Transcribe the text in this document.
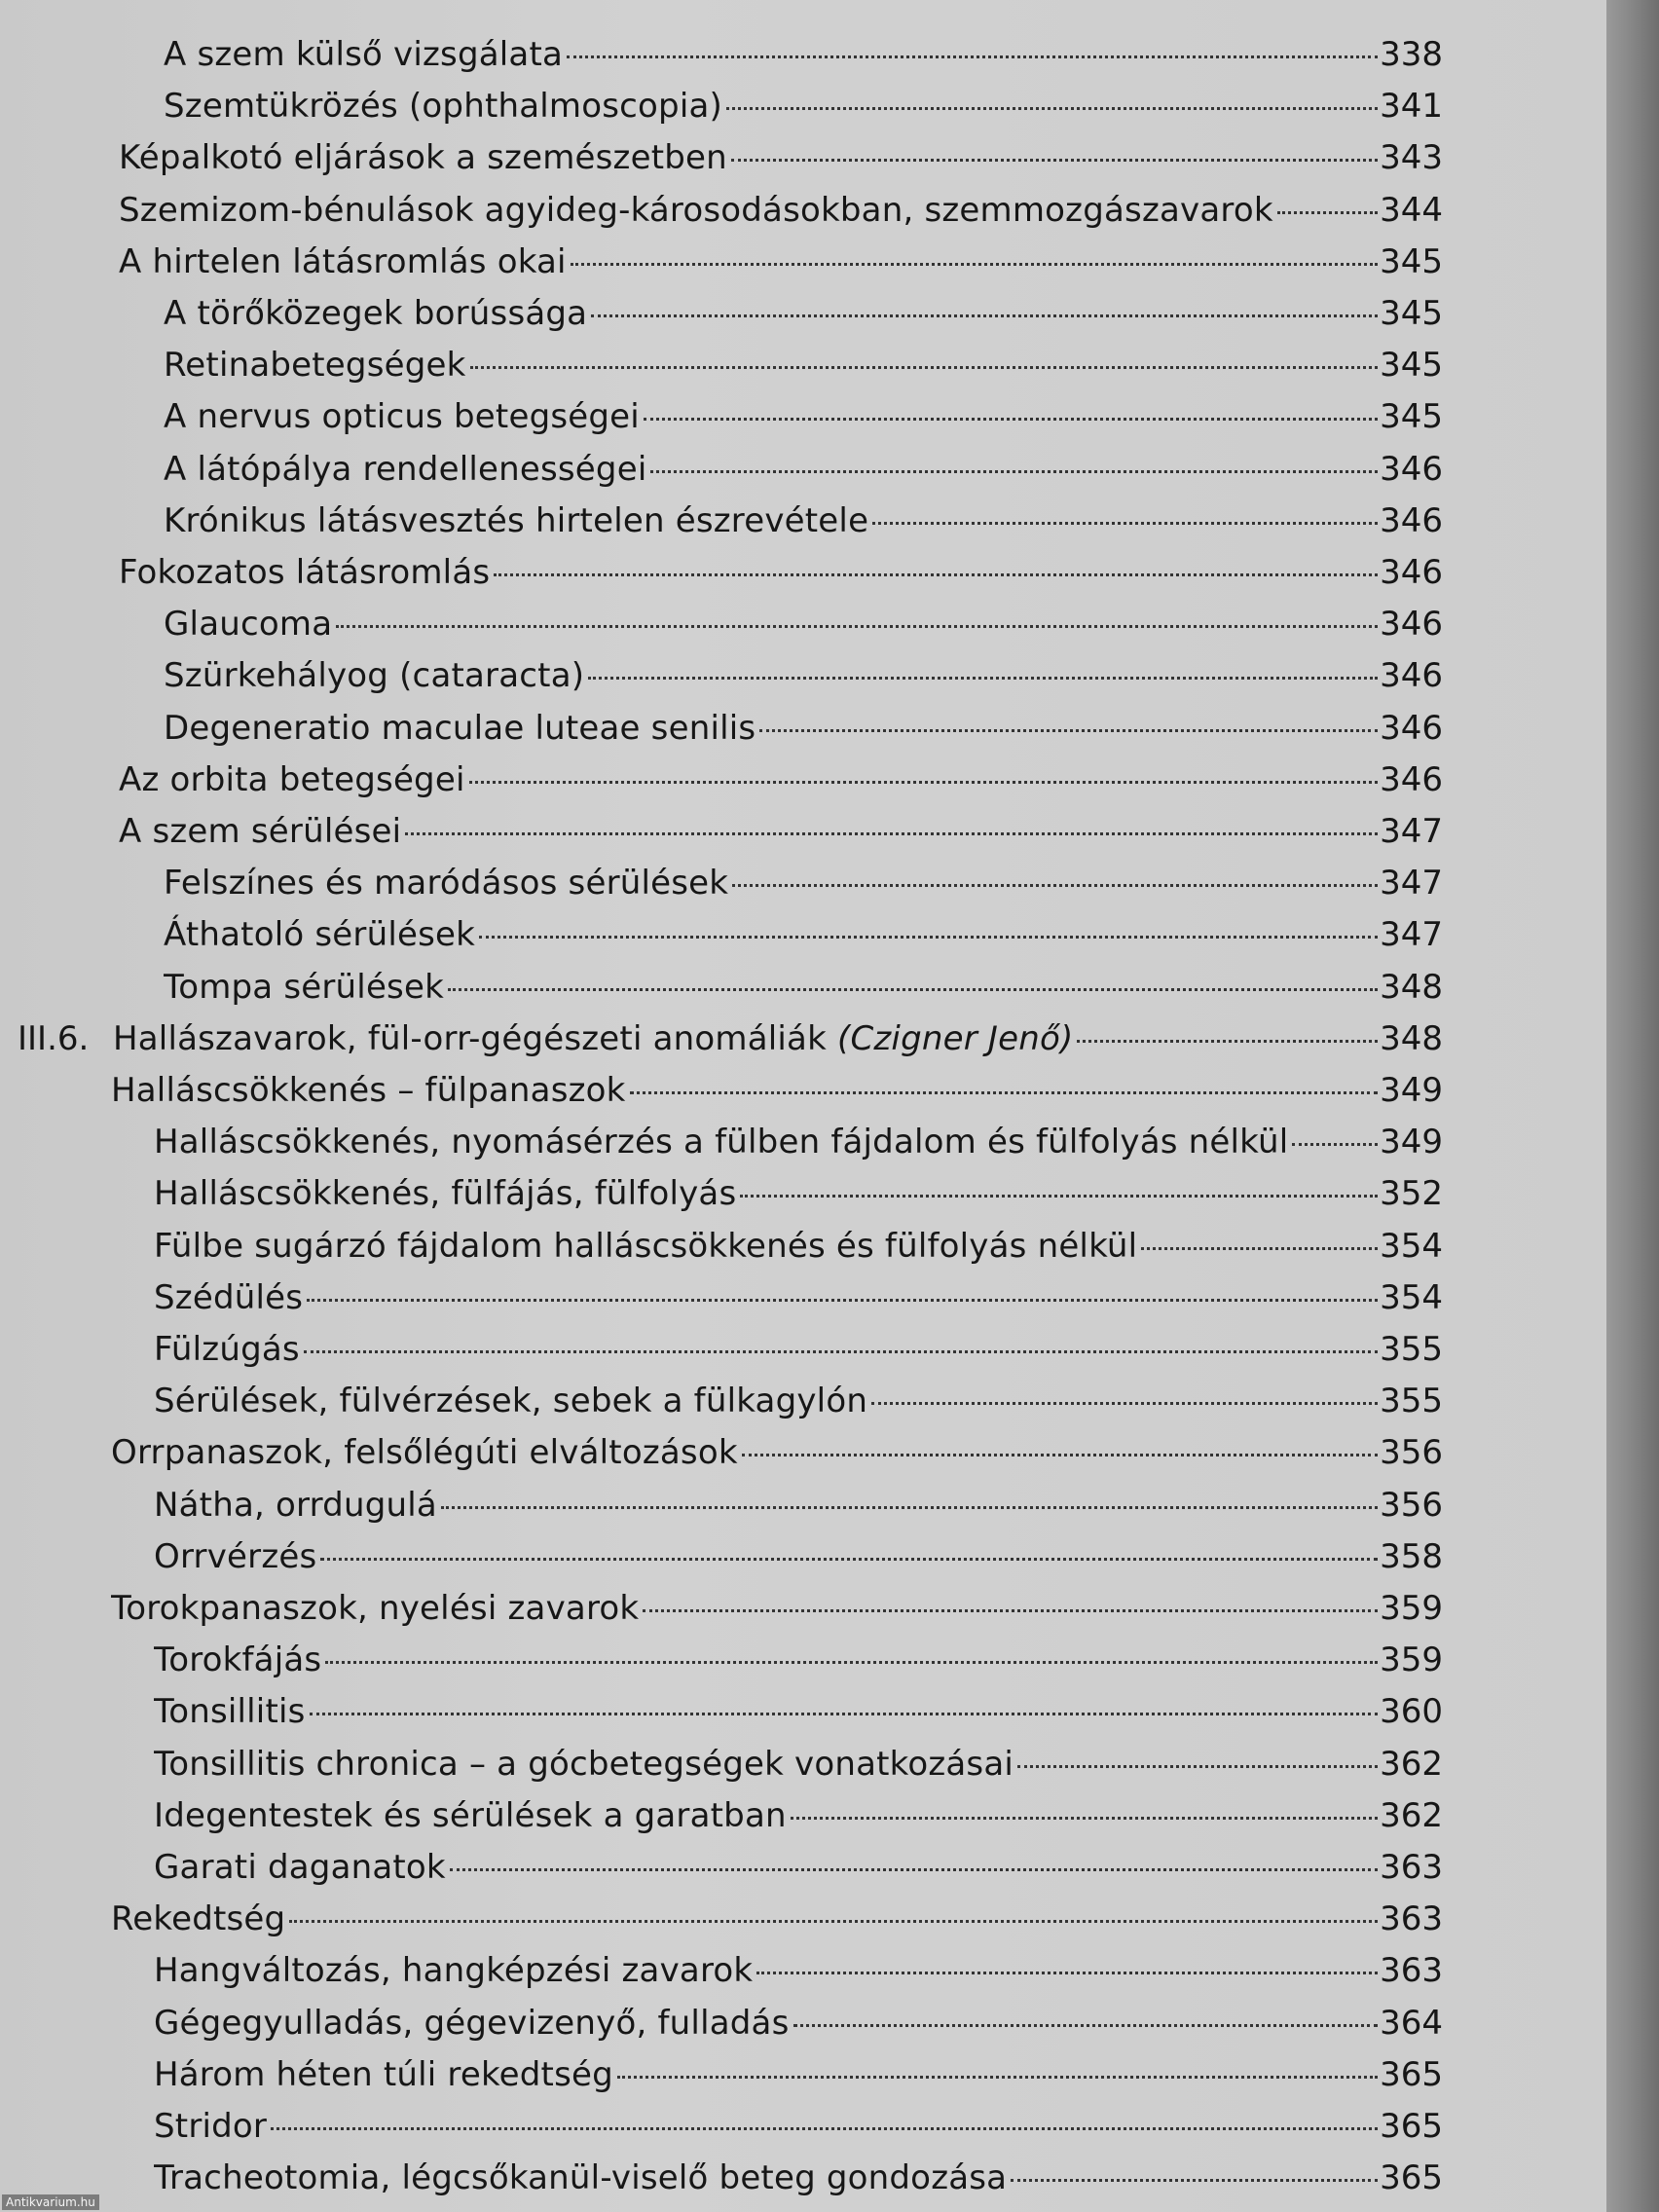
A szem külső vizsgálata	338
Szemtükrözés (ophthalmoscopia)	341
Képalkotó eljárások a szemészetben	343
Szemizom-bénulások agyideg-károsodásokban, szemmozgászavarok	344
A hirtelen látásromlás okai	345
A törőközegek borússága	345
Retinabetegségek	345
A nervus opticus betegségei	345
A látópálya rendellenességei	346
Krónikus látásvesztés hirtelen észrevétele	346
Fokozatos látásromlás	346
Glaucoma	346
Szürkehályog (cataracta)	346
Degeneratio maculae luteae senilis	346
Az orbita betegségei	346
A szem sérülései	347
Felszínes és maródásos sérülések	347
Áthatoló sérülések	347
Tompa sérülések	348
III.6. Hallászavarok, fül-orr-gégészeti anomáliák (Czigner Jenő)	348
Halláscsökkenés – fülpanaszok	349
Halláscsökkenés, nyomásérzés a fülben fájdalom és fülfolyás nélkül	349
Halláscsökkenés, fülfájás, fülfolyás	352
Fülbe sugárzó fájdalom halláscsökkenés és fülfolyás nélkül	354
Szédülés	354
Fülzúgás	355
Sérülések, fülvérzések, sebek a fülkagylón	355
Orrpanaszok, felsőlégúti elváltozások	356
Nátha, orrdugulá	356
Orrvérzés	358
Torokpanaszok, nyelési zavarok	359
Torokfájás	359
Tonsillitis	360
Tonsillitis chronica – a gócbetegségek vonatkozásai	362
Idegentestek és sérülések a garatban	362
Garati daganatok	363
Rekedtség	363
Hangváltozás, hangképzési zavarok	363
Gégegyulladás, gégevizenyő, fulladás	364
Három héten túli rekedtség	365
Stridor	365
Tracheotomia, légcsőkanül-viselő beteg gondozása	365
Antikvarium.hu
